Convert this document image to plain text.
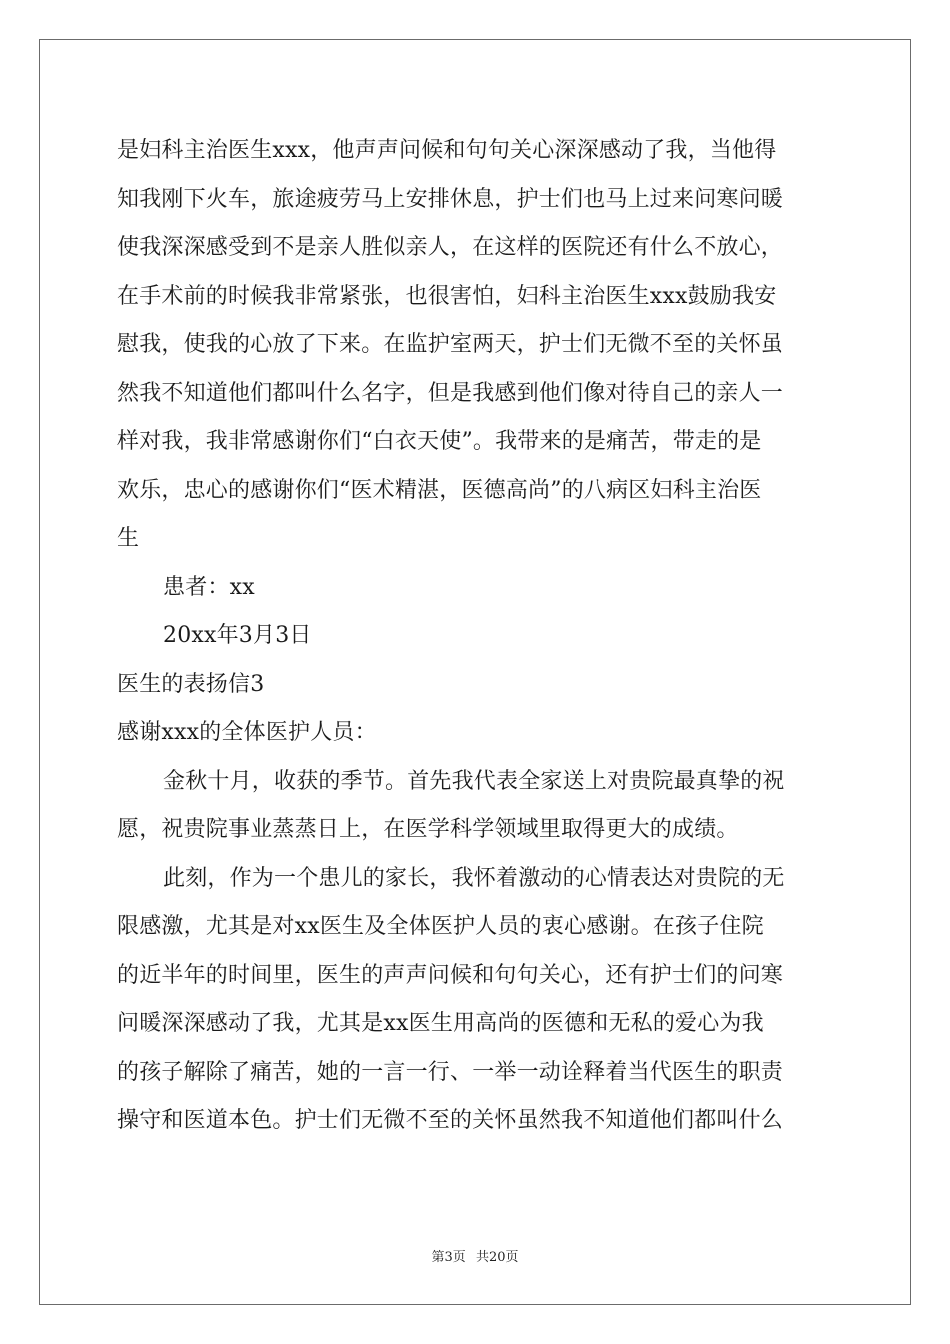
是妇科主治医生xxx，他声声问候和句句关心深深感动了我，当他得
知我刚下火车，旅途疲劳马上安排休息，护士们也马上过来问寒问暖
使我深深感受到不是亲人胜似亲人，在这样的医院还有什么不放心，
在手术前的时候我非常紧张，也很害怕，妇科主治医生xxx鼓励我安
慰我，使我的心放了下来。在监护室两天，护士们无微不至的关怀虽
然我不知道他们都叫什么名字，但是我感到他们像对待自己的亲人一
样对我，我非常感谢你们“白衣天使”。我带来的是痛苦，带走的是
欢乐，忠心的感谢你们“医术精湛，医德高尚”的八病区妇科主治医
生
患者：xx
20xx年3月3日
医生的表扬信3
感谢xxx的全体医护人员：
金秋十月，收获的季节。首先我代表全家送上对贵院最真挚的祝
愿，祝贵院事业蒸蒸日上，在医学科学领域里取得更大的成绩。
此刻，作为一个患儿的家长，我怀着激动的心情表达对贵院的无
限感激，尤其是对xx医生及全体医护人员的衷心感谢。在孩子住院
的近半年的时间里，医生的声声问候和句句关心，还有护士们的问寒
问暖深深感动了我，尤其是xx医生用高尚的医德和无私的爱心为我
的孩子解除了痛苦，她的一言一行、一举一动诠释着当代医生的职责
操守和医道本色。护士们无微不至的关怀虽然我不知道他们都叫什么
第3页 共20页
